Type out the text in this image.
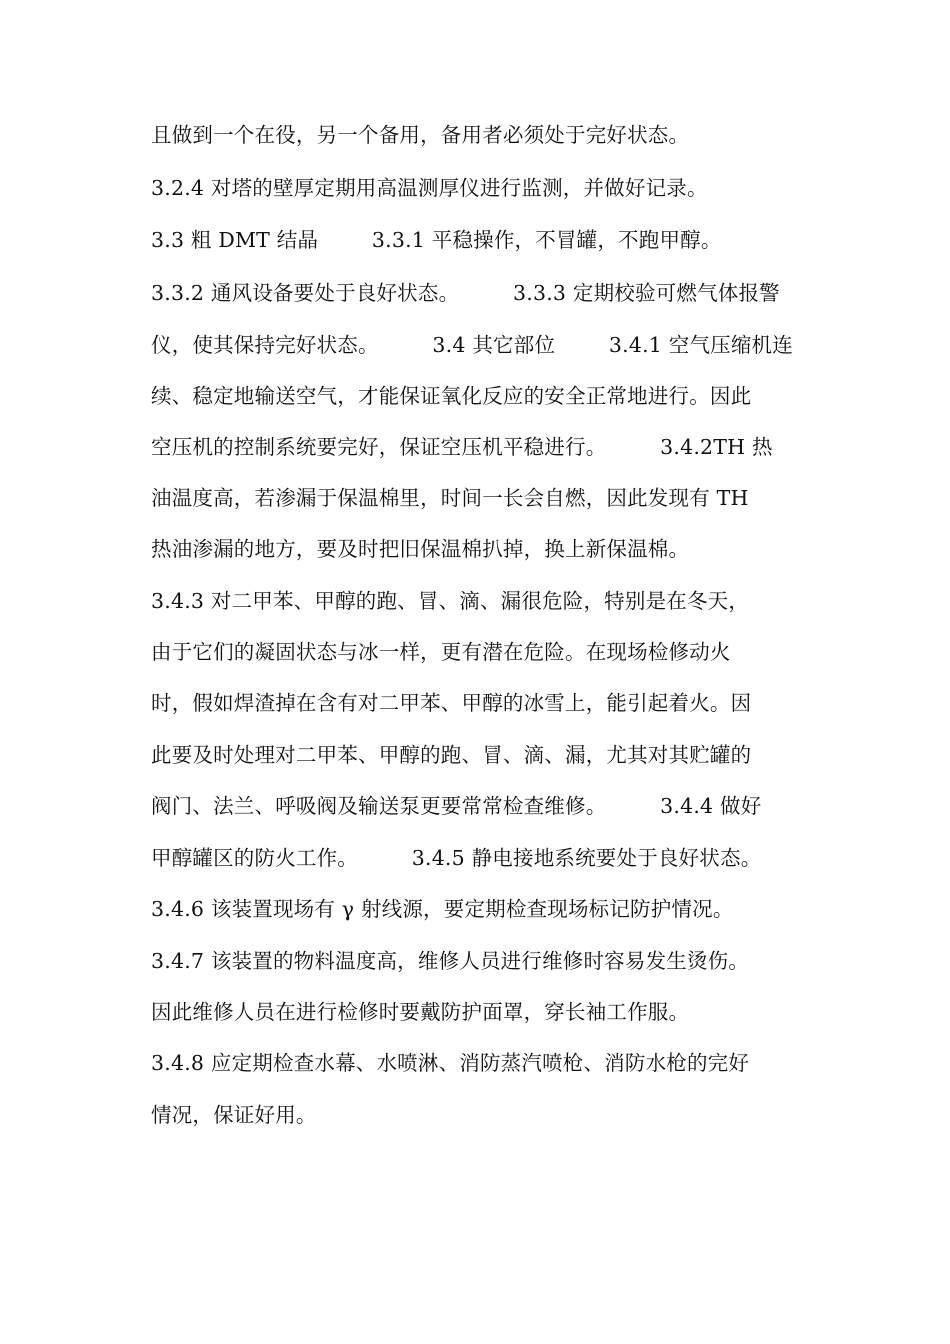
且做到一个在役，另一个备用，备用者必须处于完好状态。
3.2.4 对塔的壁厚定期用高温测厚仪进行监测，并做好记录。
3.3 粗 DMT 结晶        3.3.1 平稳操作，不冒罐，不跑甲醇。
3.3.2 通风设备要处于良好状态。        3.3.3 定期校验可燃气体报警
仪，使其保持完好状态。        3.4 其它部位        3.4.1 空气压缩机连
续、稳定地输送空气，才能保证氧化反应的安全正常地进行。因此
空压机的控制系统要完好，保证空压机平稳进行。        3.4.2TH 热
油温度高，若渗漏于保温棉里，时间一长会自燃，因此发现有 TH
热油渗漏的地方，要及时把旧保温棉扒掉，换上新保温棉。
3.4.3 对二甲苯、甲醇的跑、冒、滴、漏很危险，特别是在冬天，
由于它们的凝固状态与冰一样，更有潜在危险。在现场检修动火
时，假如焊渣掉在含有对二甲苯、甲醇的冰雪上，能引起着火。因
此要及时处理对二甲苯、甲醇的跑、冒、滴、漏，尤其对其贮罐的
阀门、法兰、呼吸阀及输送泵更要常常检查维修。        3.4.4 做好
甲醇罐区的防火工作。        3.4.5 静电接地系统要处于良好状态。
3.4.6 该装置现场有 γ 射线源，要定期检查现场标记防护情况。
3.4.7 该装置的物料温度高，维修人员进行维修时容易发生烫伤。
因此维修人员在进行检修时要戴防护面罩，穿长袖工作服。
3.4.8 应定期检查水幕、水喷淋、消防蒸汽喷枪、消防水枪的完好
情况，保证好用。
